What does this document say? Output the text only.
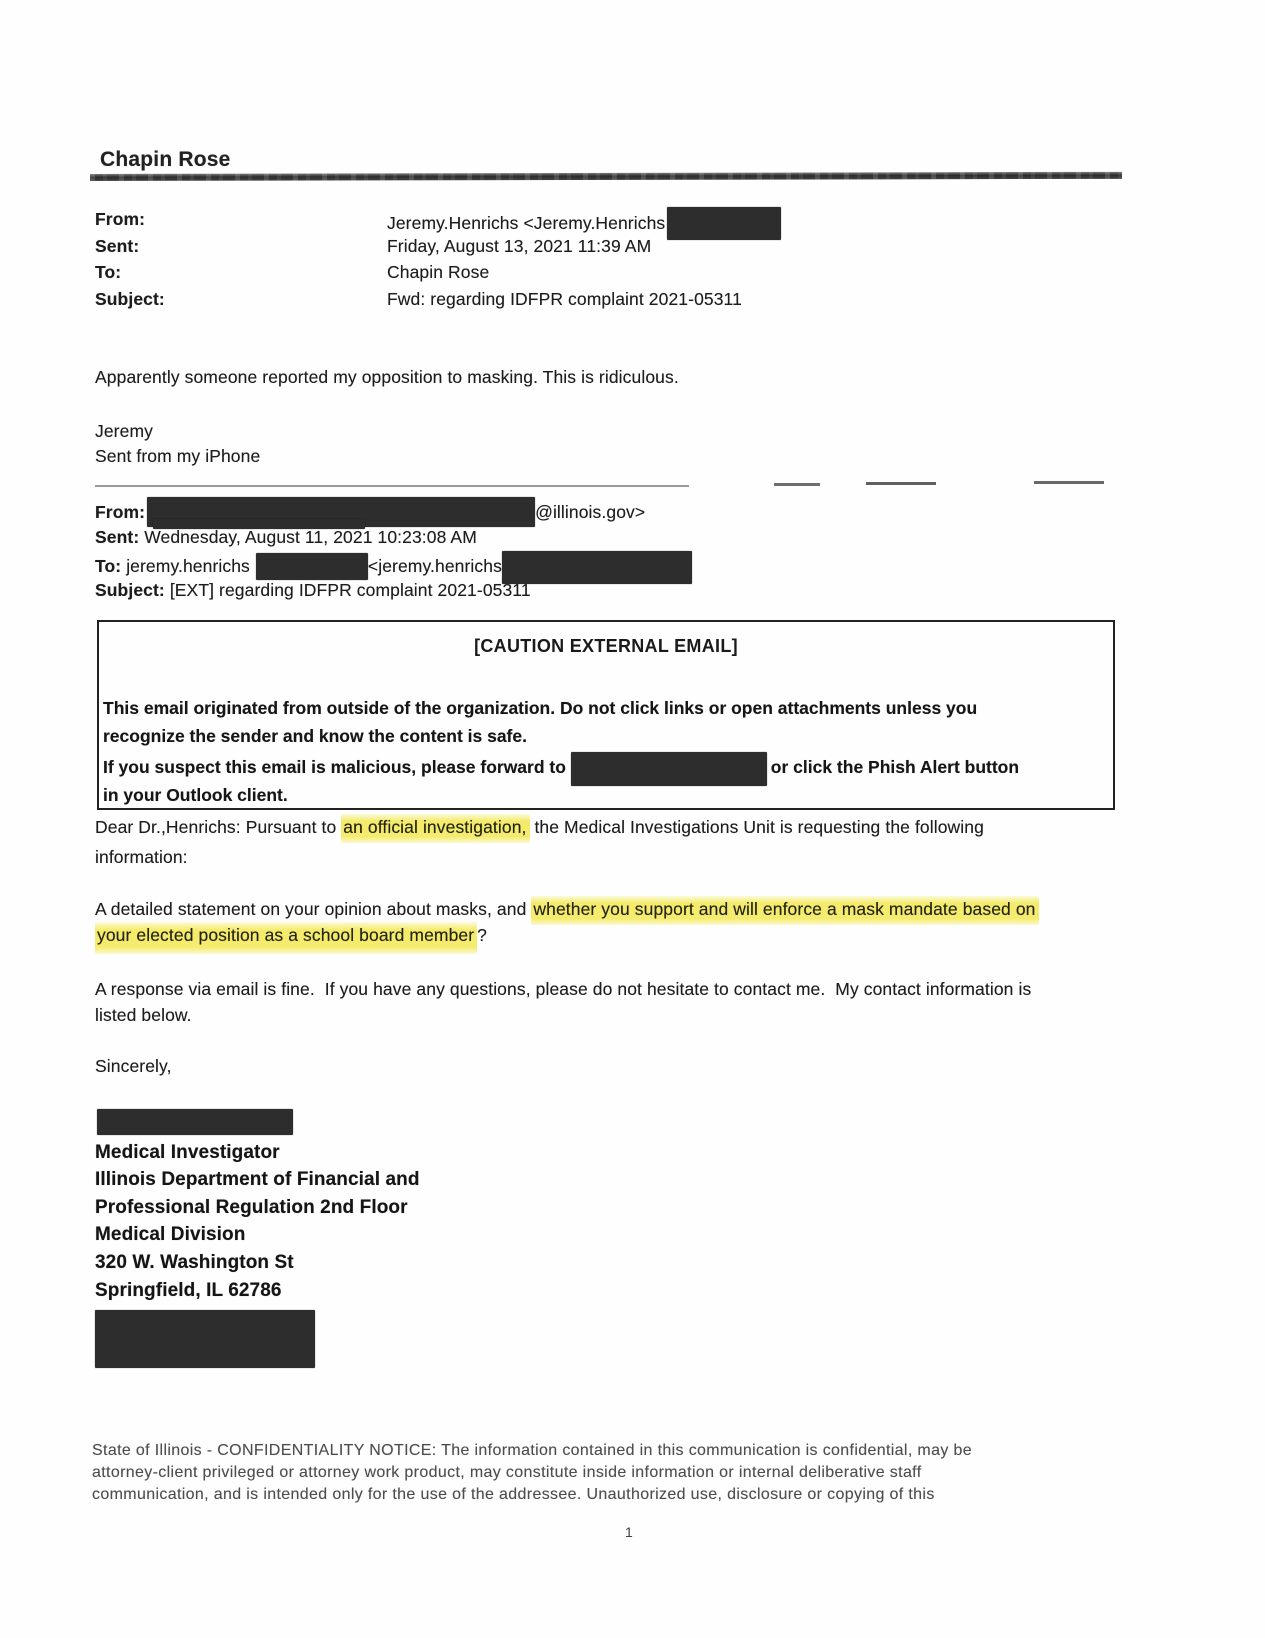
Chapin Rose
From:	Jeremy.Henrichs <Jeremy.Henrichs
Sent:	Friday, August 13, 2021 11:39 AM
To:	Chapin Rose
Subject:	Fwd: regarding IDFPR complaint 2021-05311
Apparently someone reported my opposition to masking. This is ridiculous.
Jeremy
Sent from my iPhone
From:	@illinois.gov>
Sent: Wednesday, August 11, 2021 10:23:08 AM
To: jeremy.henrichs	<jeremy.henrichs
Subject: [EXT] regarding IDFPR complaint 2021-05311
[CAUTION EXTERNAL EMAIL]
This email originated from outside of the organization. Do not click links or open attachments unless you
recognize the sender and know the content is safe.
If you suspect this email is malicious, please forward to	or click the Phish Alert button
in your Outlook client.
Dear Dr.,Henrichs: Pursuant to an official investigation, the Medical Investigations Unit is requesting the following
information:
A detailed statement on your opinion about masks, and whether you support and will enforce a mask mandate based on
your elected position as a school board member ?
A response via email is fine.  If you have any questions, please do not hesitate to contact me.  My contact information is
listed below.
Sincerely,
Medical Investigator
Illinois Department of Financial and
Professional Regulation 2nd Floor
Medical Division
320 W. Washington St
Springfield, IL 62786
State of Illinois - CONFIDENTIALITY NOTICE: The information contained in this communication is confidential, may be
attorney-client privileged or attorney work product, may constitute inside information or internal deliberative staff
communication, and is intended only for the use of the addressee. Unauthorized use, disclosure or copying of this
1
